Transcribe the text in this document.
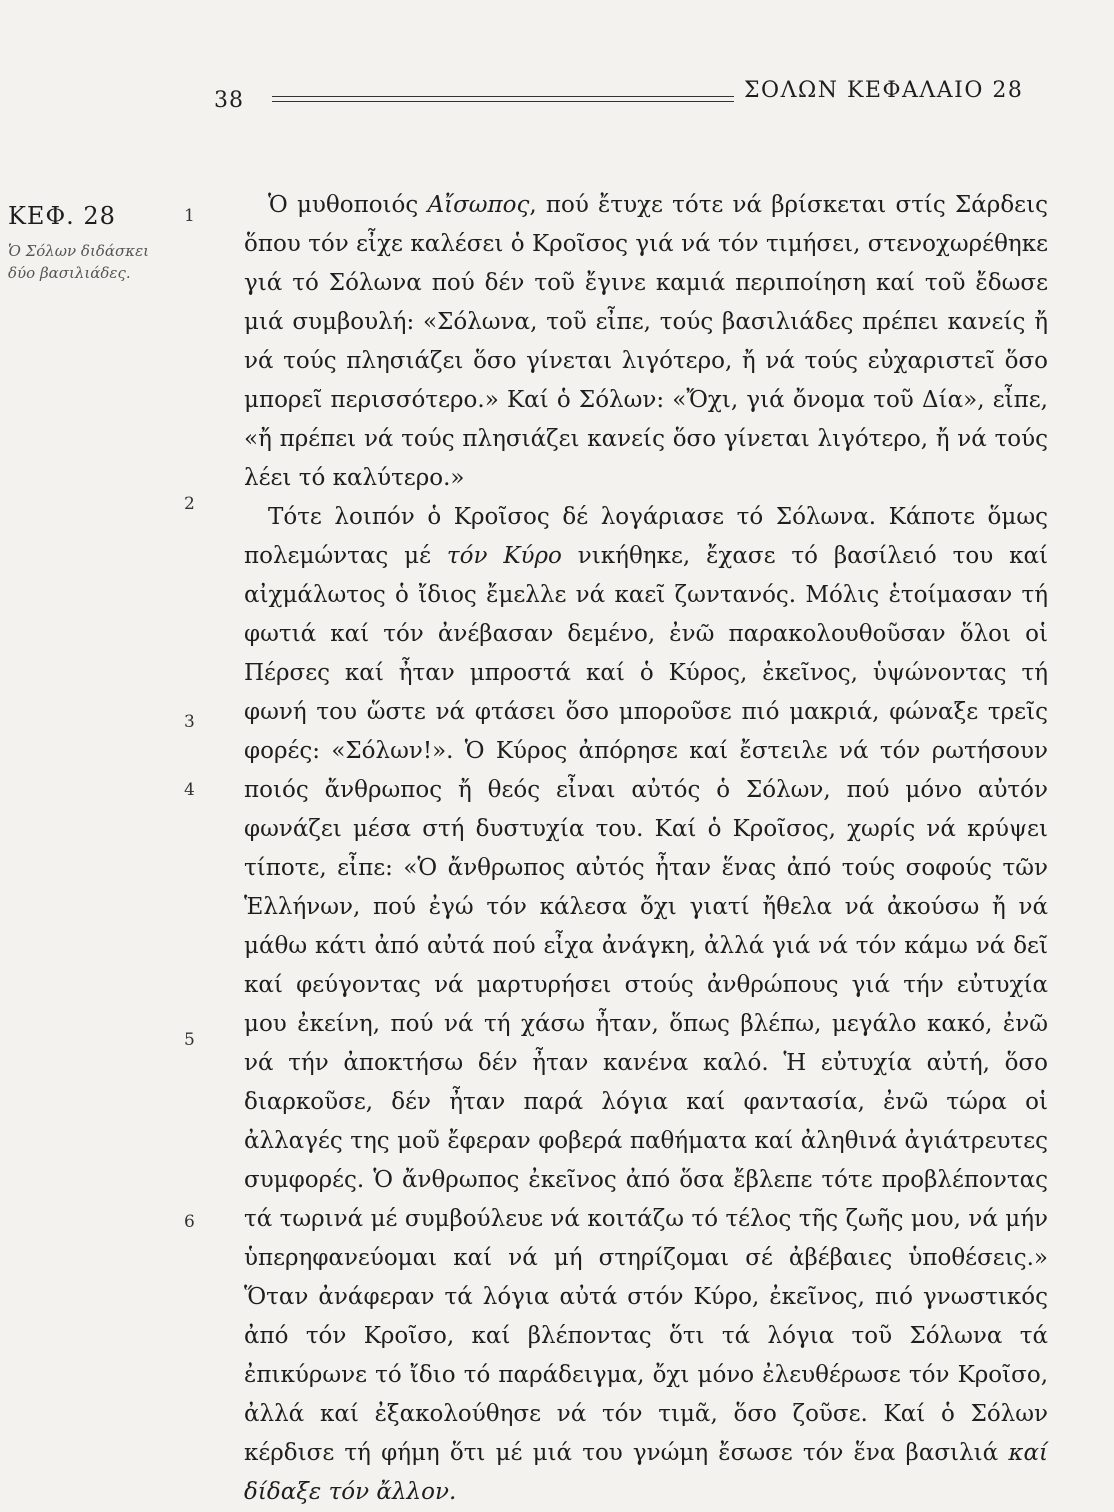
38	ΣΟΛΩΝ ΚΕΦΑΛΑΙΟ 28
ΚΕΦ. 28
Ὁ Σόλων διδάσκει δύο βασιλιάδες.
1
2
3
4
5
6

Ὁ μυθοποιός Αἴσωπος, πού ἔτυχε τότε νά βρίσκεται στίς Σάρδεις ὅπου τόν εἶχε καλέσει ὁ Κροῖσος γιά νά τόν τιμήσει, στενοχωρέθηκε γιά τό Σόλωνα πού δέν τοῦ ἔγινε καμιά περιποίηση καί τοῦ ἔδωσε μιά συμβουλή: «Σόλωνα, τοῦ εἶπε, τούς βασιλιάδες πρέπει κανείς ἤ νά τούς πλησιάζει ὅσο γίνεται λιγότερο, ἤ νά τούς εὐχαριστεῖ ὅσο μπορεῖ περισσότερο.» Καί ὁ Σόλων: «Ὄχι, γιά ὄνομα τοῦ Δία», εἶπε, «ἤ πρέπει νά τούς πλησιάζει κανείς ὅσο γίνεται λιγότερο, ἤ νά τούς λέει τό καλύτερο.»

Τότε λοιπόν ὁ Κροῖσος δέ λογάριασε τό Σόλωνα. Κάποτε ὅμως πολεμώντας μέ τόν Κύρο νικήθηκε, ἔχασε τό βασίλειό του καί αἰχμάλωτος ὁ ἴδιος ἔμελλε νά καεῖ ζωντανός. Μόλις ἑτοίμασαν τή φωτιά καί τόν ἀνέβασαν δεμένο, ἐνῶ παρακολουθοῦσαν ὅλοι οἱ Πέρσες καί ἦταν μπροστά καί ὁ Κύρος, ἐκεῖνος, ὑψώνοντας τή φωνή του ὥστε νά φτάσει ὅσο μποροῦσε πιό μακριά, φώναξε τρεῖς φορές: «Σόλων!». Ὁ Κύρος ἀπόρησε καί ἔστειλε νά τόν ρωτήσουν ποιός ἄνθρωπος ἤ θεός εἶναι αὐτός ὁ Σόλων, πού μόνο αὐτόν φωνάζει μέσα στή δυστυχία του. Καί ὁ Κροῖσος, χωρίς νά κρύψει τίποτε, εἶπε: «Ὁ ἄνθρωπος αὐτός ἦταν ἕνας ἀπό τούς σοφούς τῶν Ἑλλήνων, πού ἐγώ τόν κάλεσα ὄχι γιατί ἤθελα νά ἀκούσω ἤ νά μάθω κάτι ἀπό αὐτά πού εἶχα ἀνάγκη, ἀλλά γιά νά τόν κάμω νά δεῖ καί φεύγοντας νά μαρτυρήσει στούς ἀνθρώπους γιά τήν εὐτυχία μου ἐκείνη, πού νά τή χάσω ἦταν, ὅπως βλέπω, μεγάλο κακό, ἐνῶ νά τήν ἀποκτήσω δέν ἦταν κανένα καλό. Ἡ εὐτυχία αὐτή, ὅσο διαρκοῦσε, δέν ἦταν παρά λόγια καί φαντασία, ἐνῶ τώρα οἱ ἀλλαγές της μοῦ ἔφεραν φοβερά παθήματα καί ἀληθινά ἀγιάτρευτες συμφορές. Ὁ ἄνθρωπος ἐκεῖνος ἀπό ὅσα ἔβλεπε τότε προβλέποντας τά τωρινά μέ συμβούλευε νά κοιτάζω τό τέλος τῆς ζωῆς μου, νά μήν ὑπερηφανεύομαι καί νά μή στηρίζομαι σέ ἀβέβαιες ὑποθέσεις.» Ὅταν ἀνάφεραν τά λόγια αὐτά στόν Κύρο, ἐκεῖνος, πιό γνωστικός ἀπό τόν Κροῖσο, καί βλέποντας ὅτι τά λόγια τοῦ Σόλωνα τά ἐπικύρωνε τό ἴδιο τό παράδειγμα, ὄχι μόνο ἐλευθέρωσε τόν Κροῖσο, ἀλλά καί ἐξακολούθησε νά τόν τιμᾶ, ὅσο ζοῦσε. Καί ὁ Σόλων κέρδισε τή φήμη ὅτι μέ μιά του γνώμη ἔσωσε τόν ἕνα βασιλιά καί δίδαξε τόν ἄλλον.
